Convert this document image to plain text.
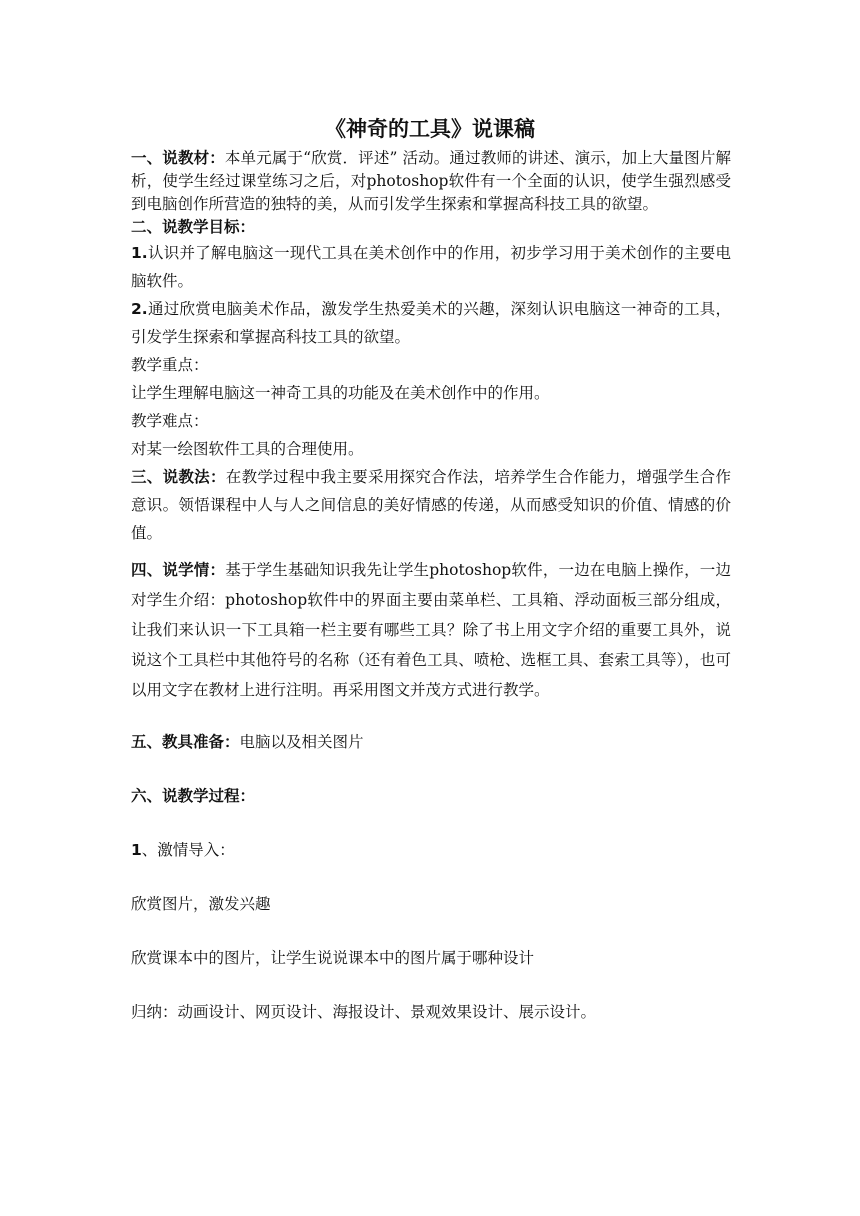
《神奇的工具》说课稿

一、说教材：本单元属于“欣赏．评述” 活动。通过教师的讲述、演示，加上大量图片解析，使学生经过课堂练习之后，对photoshop软件有一个全面的认识，使学生强烈感受到电脑创作所营造的独特的美，从而引发学生探索和掌握高科技工具的欲望。

二、说教学目标：

1.认识并了解电脑这一现代工具在美术创作中的作用，初步学习用于美术创作的主要电脑软件。

2.通过欣赏电脑美术作品，激发学生热爱美术的兴趣，深刻认识电脑这一神奇的工具，引发学生探索和掌握高科技工具的欲望。

教学重点：

让学生理解电脑这一神奇工具的功能及在美术创作中的作用。

教学难点：

对某一绘图软件工具的合理使用。

三、说教法：在教学过程中我主要采用探究合作法，培养学生合作能力，增强学生合作意识。领悟课程中人与人之间信息的美好情感的传递，从而感受知识的价值、情感的价值。

四、说学情：基于学生基础知识我先让学生photoshop软件，一边在电脑上操作，一边对学生介绍：photoshop软件中的界面主要由菜单栏、工具箱、浮动面板三部分组成，让我们来认识一下工具箱一栏主要有哪些工具？除了书上用文字介绍的重要工具外，说说这个工具栏中其他符号的名称（还有着色工具、喷枪、选框工具、套索工具等），也可以用文字在教材上进行注明。再采用图文并茂方式进行教学。

五、教具准备：电脑以及相关图片

六、说教学过程：

1、激情导入：

欣赏图片，激发兴趣

欣赏课本中的图片，让学生说说课本中的图片属于哪种设计

归纳：动画设计、网页设计、海报设计、景观效果设计、展示设计。
